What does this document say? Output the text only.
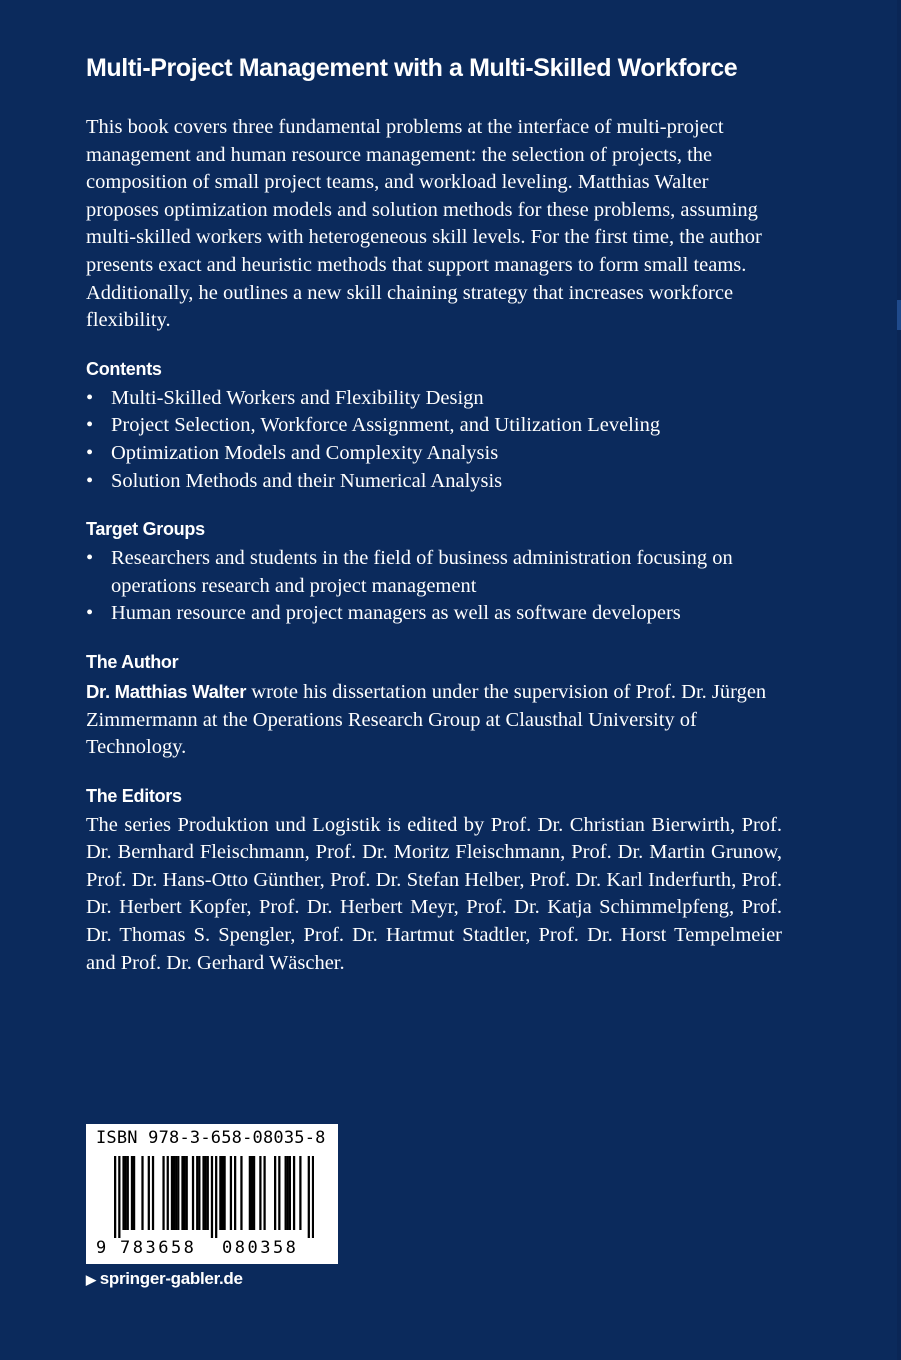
Multi-Project Management with a Multi-Skilled Workforce

This book covers three fundamental problems at the interface of multi-project management and human resource management: the selection of projects, the composition of small project teams, and workload leveling. Matthias Walter proposes optimization models and solution methods for these problems, assuming multi-skilled workers with heterogeneous skill levels. For the first time, the author presents exact and heuristic methods that support managers to form small teams. Additionally, he outlines a new skill chaining strategy that increases workforce flexibility.

Contents
• Multi-Skilled Workers and Flexibility Design
• Project Selection, Workforce Assignment, and Utilization Leveling
• Optimization Models and Complexity Analysis
• Solution Methods and their Numerical Analysis
Target Groups
• Researchers and students in the field of business administration focusing on operations research and project management
• Human resource and project managers as well as software developers
The Author

Dr. Matthias Walter wrote his dissertation under the supervision of Prof. Dr. Jürgen Zimmermann at the Operations Research Group at Clausthal University of Technology.

The Editors

The series Produktion und Logistik is edited by Prof. Dr. Christian Bierwirth, Prof. Dr. Bernhard Fleischmann, Prof. Dr. Moritz Fleischmann, Prof. Dr. Martin Grunow, Prof. Dr. Hans-Otto Günther, Prof. Dr. Stefan Helber, Prof. Dr. Karl Inderfurth, Prof. Dr. Herbert Kopfer, Prof. Dr. Herbert Meyr, Prof. Dr. Katja Schimmelpfeng, Prof. Dr. Thomas S. Spengler, Prof. Dr. Hartmut Stadtler, Prof. Dr. Horst Tempelmeier and Prof. Dr. Gerhard Wäscher.

ISBN 978-3-658-08035-8
9 783658 080358
▶ springer-gabler.de
